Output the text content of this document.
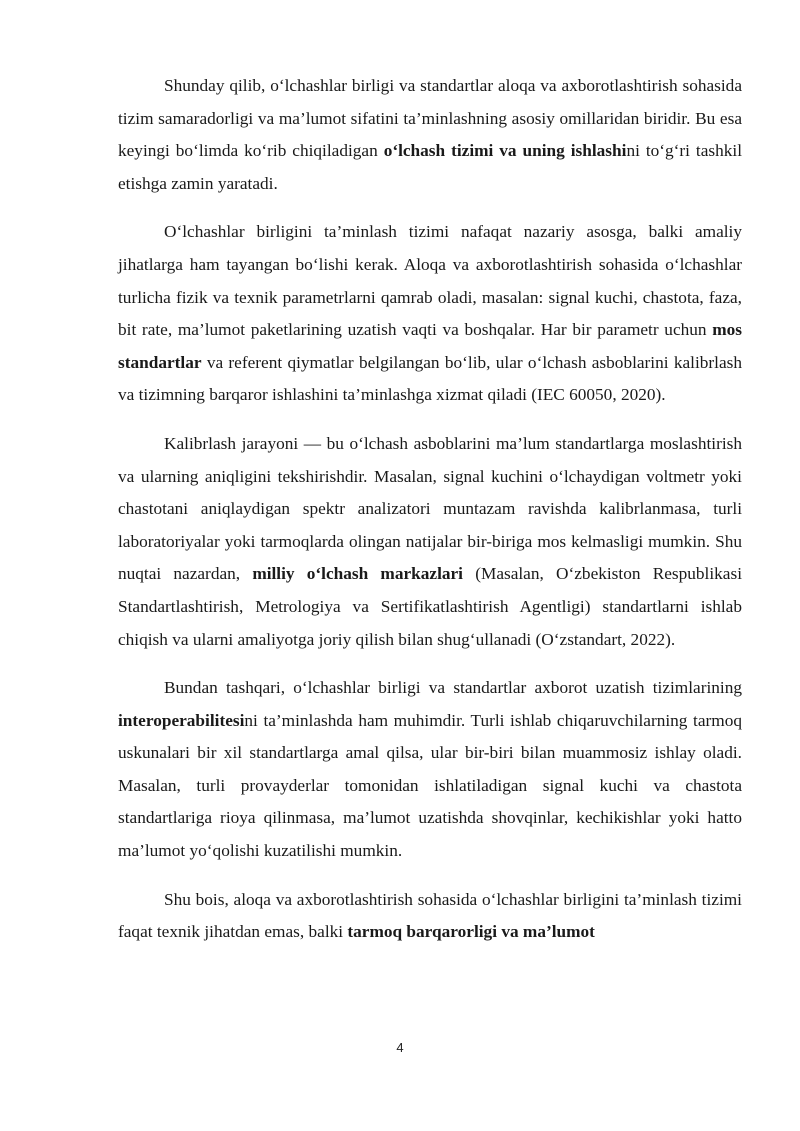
Shunday qilib, o‘lchashlar birligi va standartlar aloqa va axborotlashtirish sohasida tizim samaradorligi va ma’lumot sifatini ta’minlashning asosiy omillaridan biridir. Bu esa keyingi bo‘limda ko‘rib chiqiladigan o‘lchash tizimi va uning ishlashini to‘g‘ri tashkil etishga zamin yaratadi.

O‘lchashlar birligini ta’minlash tizimi nafaqat nazariy asosga, balki amaliy jihatlarga ham tayangan bo‘lishi kerak. Aloqa va axborotlashtirish sohasida o‘lchashlar turlicha fizik va texnik parametrlarni qamrab oladi, masalan: signal kuchi, chastota, faza, bit rate, ma’lumot paketlarining uzatish vaqti va boshqalar. Har bir parametr uchun mos standartlar va referent qiymatlar belgilangan bo‘lib, ular o‘lchash asboblarini kalibrlash va tizimning barqaror ishlashini ta’minlashga xizmat qiladi (IEC 60050, 2020).

Kalibrlash jarayoni — bu o‘lchash asboblarini ma’lum standartlarga moslashtirish va ularning aniqligini tekshirishdir. Masalan, signal kuchini o‘lchaydigan voltmetr yoki chastotani aniqlaydigan spektr analizatori muntazam ravishda kalibrlanmasa, turli laboratoriyalar yoki tarmoqlarda olingan natijalar bir-biriga mos kelmasligi mumkin. Shu nuqtai nazardan, milliy o‘lchash markazlari (Masalan, O‘zbekiston Respublikasi Standartlashtirish, Metrologiya va Sertifikatlashtirish Agentligi) standartlarni ishlab chiqish va ularni amaliyotga joriy qilish bilan shug‘ullanadi (O‘zstandart, 2022).

Bundan tashqari, o‘lchashlar birligi va standartlar axborot uzatish tizimlarining interoperabilitesini ta’minlashda ham muhimdir. Turli ishlab chiqaruvchilarning tarmoq uskunalari bir xil standartlarga amal qilsa, ular bir-biri bilan muammosiz ishlay oladi. Masalan, turli provayderlar tomonidan ishlatiladigan signal kuchi va chastota standartlariga rioya qilinmasa, ma’lumot uzatishda shovqinlar, kechikishlar yoki hatto ma’lumot yo‘qolishi kuzatilishi mumkin.

Shu bois, aloqa va axborotlashtirish sohasida o‘lchashlar birligini ta’minlash tizimi faqat texnik jihatdan emas, balki tarmoq barqarorligi va ma’lumot

4
